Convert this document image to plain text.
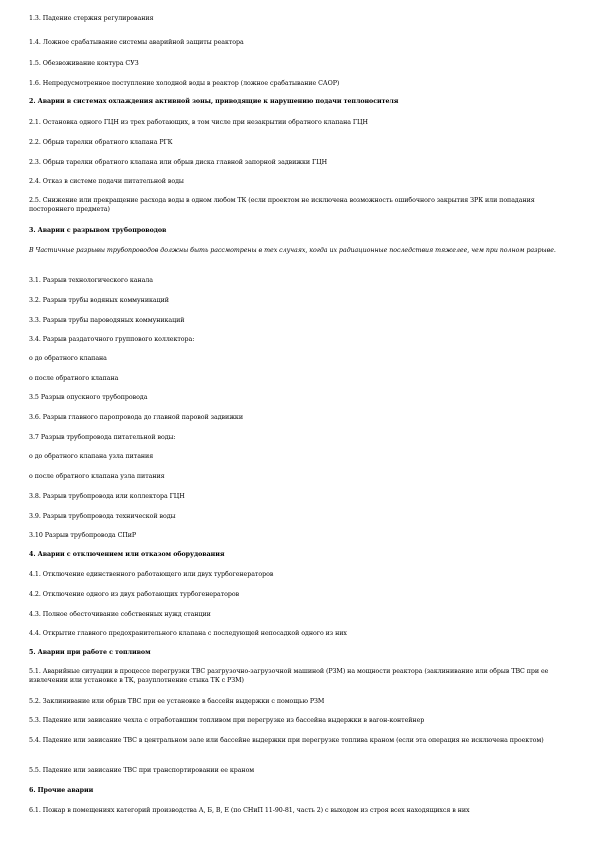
1.3. Падение стержня регулирования
1.4. Ложное срабатывание системы аварийной защиты реактора
1.5. Обезвоживание контура СУЗ
1.6. Непредусмотренное поступление холодной воды в реактор (ложное срабатывание САОР)
2. Аварии в системах охлаждения активной зоны, приводящие к нарушению подачи теплоносителя
2.1. Остановка одного ГЦН из трех работающих, в том числе при незакрытии обратного клапана ГЦН
2.2. Обрыв тарелки обратного клапана РГК
2.3. Обрыв тарелки обратного клапана или обрыв диска главной запорной задвижки ГЦН
2.4. Отказ в системе подачи питательной воды
2.5. Снижение или прекращение расхода воды в одном любом ТК (если проектом не исключена возможность ошибочного закрытия ЗРК или попадания постороннего предмета)
3. Аварии с разрывом трубопроводов
В Частичные разрывы трубопроводов должны быть рассмотрены в тех случаях, когда их радиационные последствия тяжелее, чем при полном разрыве.
3.1. Разрыв технологического канала
3.2. Разрыв трубы водяных коммуникаций
3.3. Разрыв трубы пароводяных коммуникаций
3.4. Разрыв раздаточного группового коллектора:
о до обратного клапана
о после обратного клапана
3.5 Разрыв опускного трубопровода
3.6. Разрыв главного паропровода до главной паровой задвижки
3.7 Разрыв трубопровода питательной воды:
о до обратного клапана узла питания
о после обратного клапана узла питания
3.8. Разрыв трубопровода или коллектора ГЦН
3.9. Разрыв трубопровода технической воды
3.10 Разрыв трубопровода СПиР
4. Аварии с отключением или отказом оборудования
4.1. Отключение единственного работающего или двух турбогенераторов
4.2. Отключение одного из двух работающих турбогенераторов
4.3. Полное обесточивание собственных нужд станции
4.4. Открытие главного предохранительного клапана с последующей непосадкой одного из них
5. Аварии при работе с топливом
5.1. Аварийные ситуации в процессе перегрузки ТВС разгрузочно-загрузочной машиной (РЗМ) на мощности реактора (заклинивание или обрыв ТВС при ее извлечении или установке в ТК, разуплотнение стыка ТК с РЗМ)
5.2. Заклинивание или обрыв ТВС при ее установке в бассейн выдержки с помощью РЗМ
5.3. Падение или зависание чехла с отработавшим топливом при перегрузке из бассейна выдержки в вагон-контейнер
5.4. Падение или зависание ТВС в центральном зале или бассейне выдержки при перегрузке топлива краном (если эта операция не исключена проектом)
5.5. Падение или зависание ТВС при транспортировании ее краном
6. Прочие аварии
6.1. Пожар в помещениях категорий производства А, Б, В, Е (по СНиП 11-90-81, часть 2) с выходом из строя всех находящихся в них
